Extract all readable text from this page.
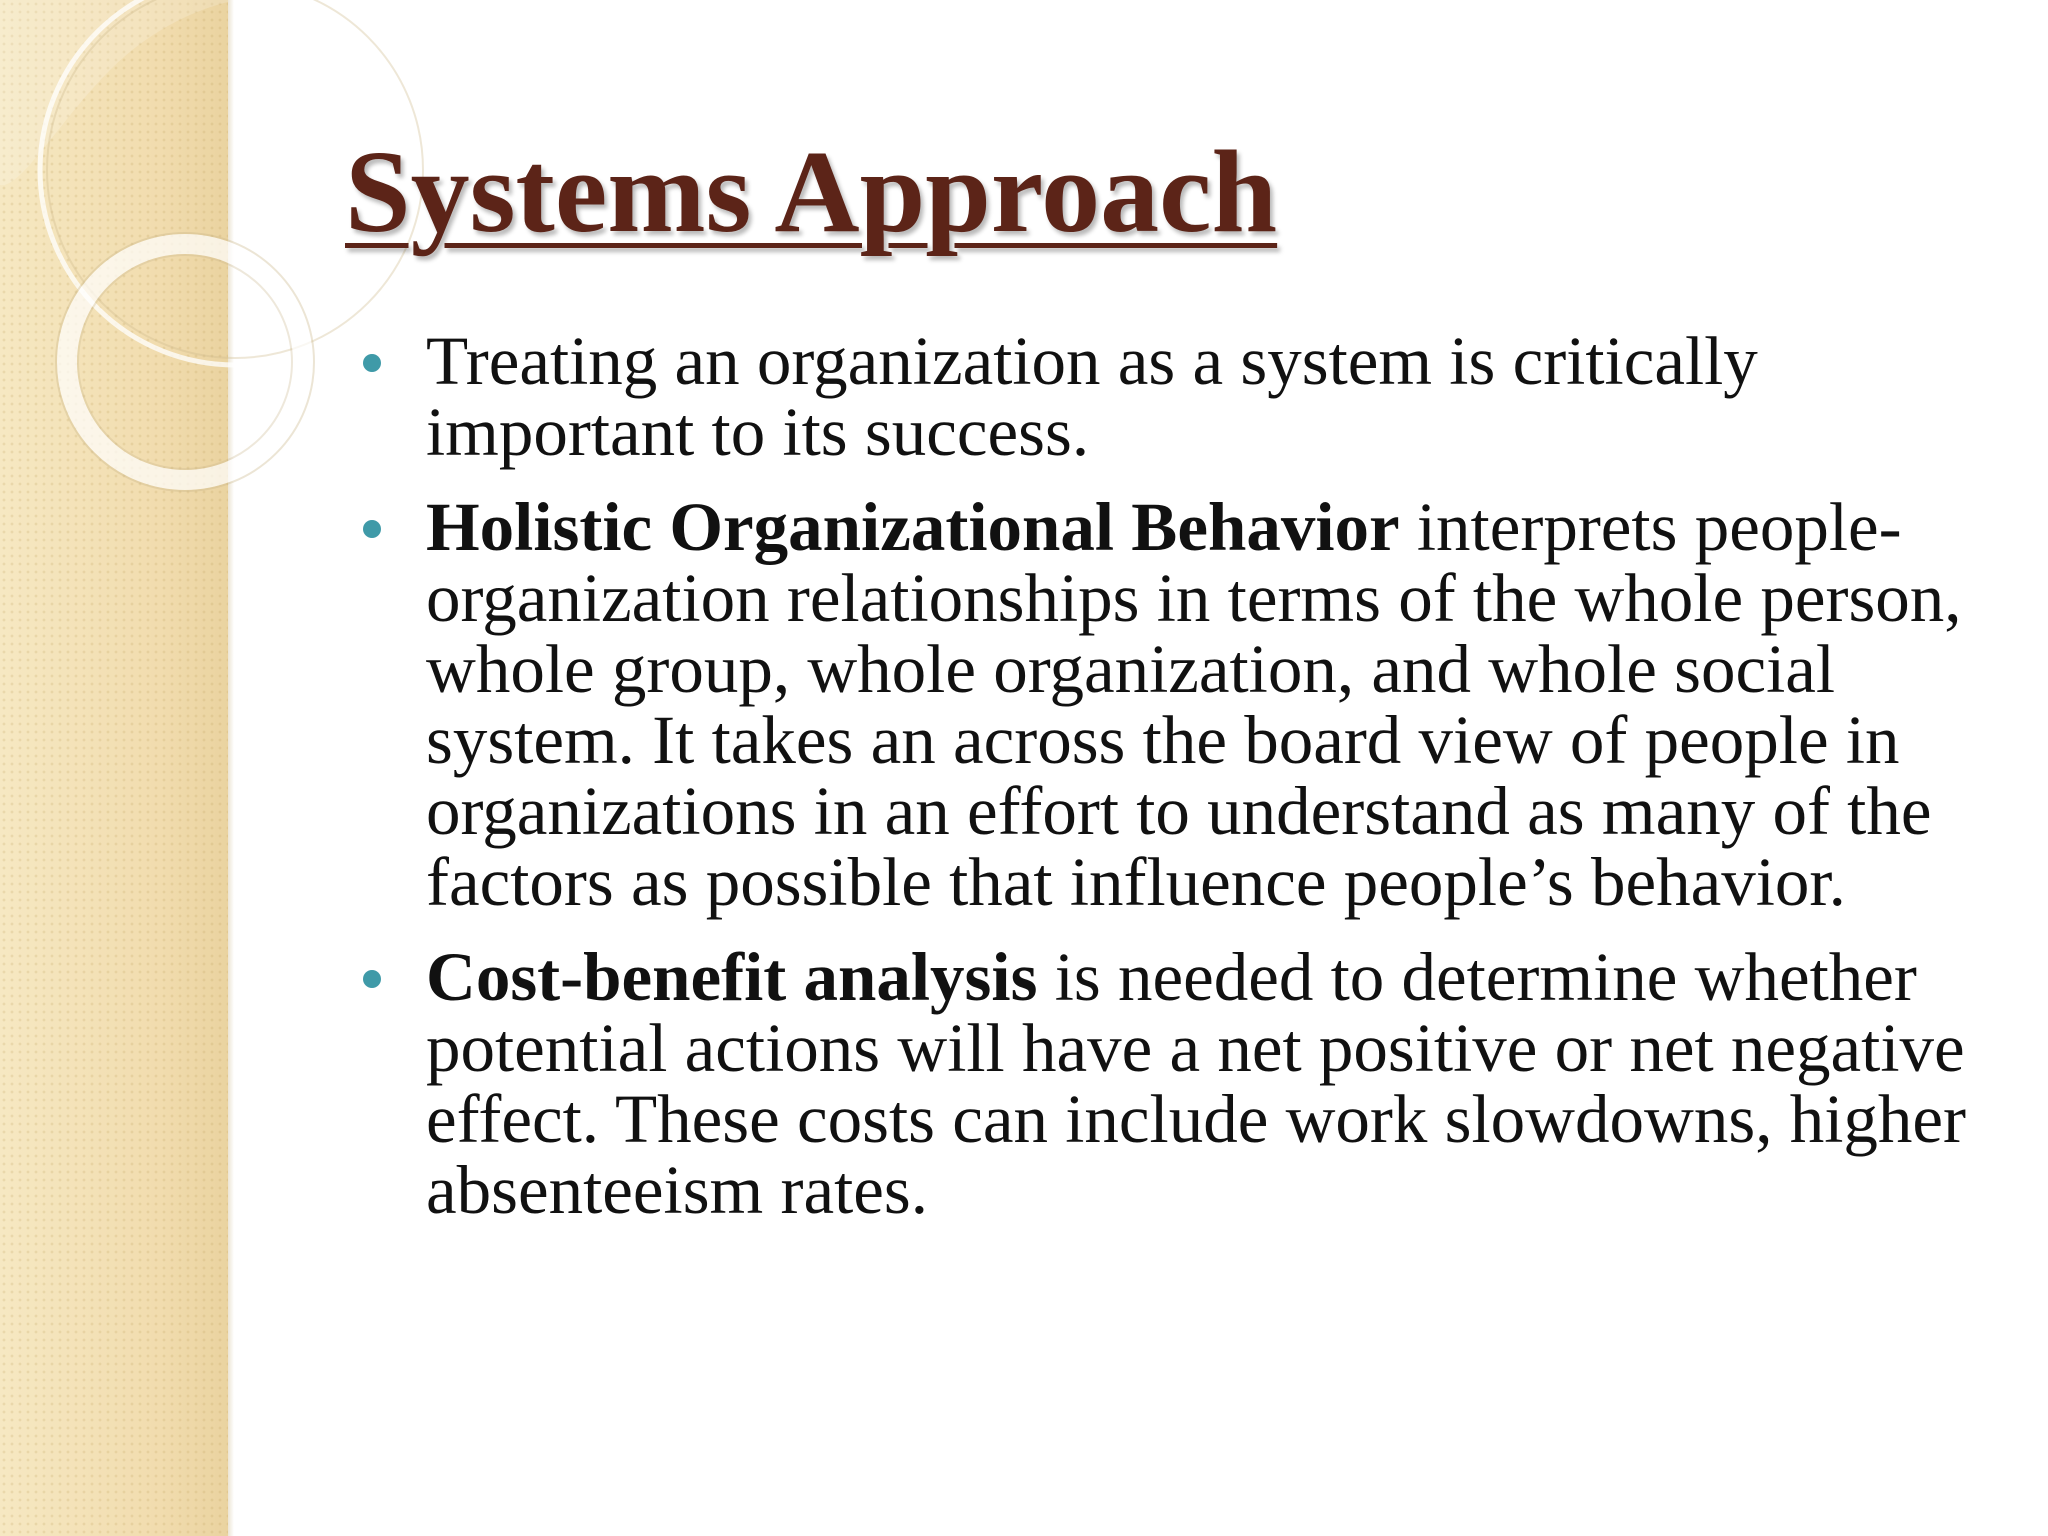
Systems Approach
Treating an organization as a system is critically important to its success.
Holistic Organizational Behavior interprets people-organization relationships in terms of the whole person, whole group, whole organization, and whole social system. It takes an across the board view of people in organizations in an effort to understand as many of the factors as possible that influence people’s behavior.
Cost-benefit analysis is needed to determine whether potential actions will have a net positive or net negative effect. These costs can include work slowdowns, higher absenteeism rates.
